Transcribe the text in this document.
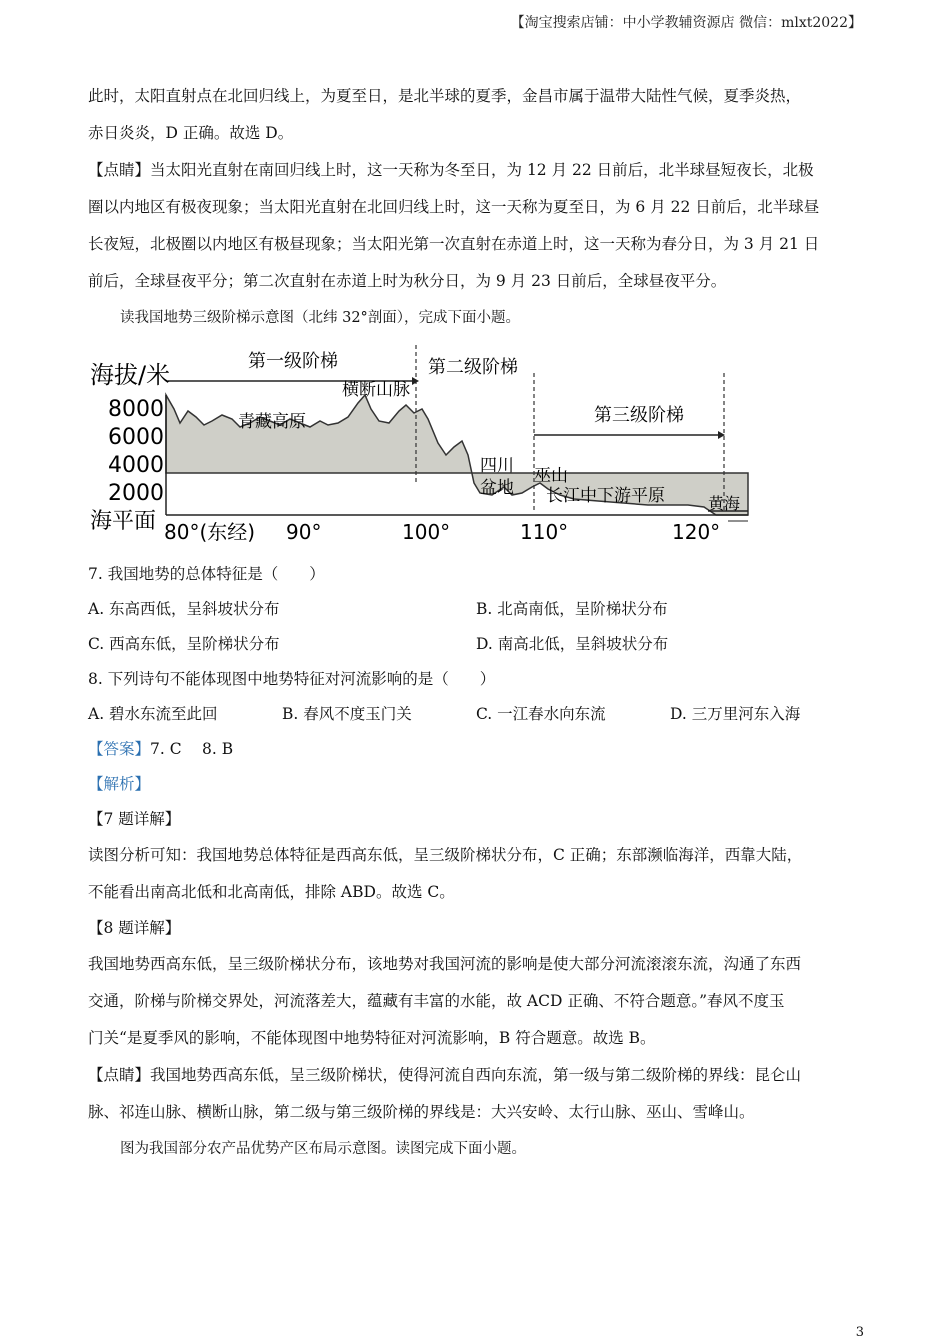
【淘宝搜索店铺：中小学教辅资源店 微信：mlxt2022】

此时，太阳直射点在北回归线上，为夏至日，是北半球的夏季，金昌市属于温带大陆性气候，夏季炎热，

赤日炎炎，D 正确。故选 D。

【点睛】当太阳光直射在南回归线上时，这一天称为冬至日，为 12 月 22 日前后，北半球昼短夜长，北极

圈以内地区有极夜现象；当太阳光直射在北回归线上时，这一天称为夏至日，为 6 月 22 日前后，北半球昼

长夜短，北极圈以内地区有极昼现象；当太阳光第一次直射在赤道上时，这一天称为春分日，为 3 月 21 日

前后，全球昼夜平分；第二次直射在赤道上时为秋分日，为 9 月 23 日前后，全球昼夜平分。

读我国地势三级阶梯示意图（北纬 32°剖面），完成下面小题。

第一级阶梯	第二级阶梯
第三级阶梯
海拔/米
8000
6000
4000
2000
海平面 80°(东经) 90°	100°	110°	120°
青藏高原
横断山脉
四川
盆地
巫山
长江中下游平原	黄海

7. 我国地势的总体特征是（　　）

A. 东高西低，呈斜坡状分布	B. 北高南低，呈阶梯状分布
C. 西高东低，呈阶梯状分布	D. 南高北低，呈斜坡状分布

8. 下列诗句不能体现图中地势特征对河流影响的是（　　）

A. 碧水东流至此回	B. 春风不度玉门关	C. 一江春水向东流	D. 三万里河东入海

【答案】7. C　 8. B

【解析】

【7 题详解】

读图分析可知：我国地势总体特征是西高东低，呈三级阶梯状分布，C 正确；东部濒临海洋，西靠大陆，

不能看出南高北低和北高南低，排除 ABD。故选 C。

【8 题详解】

我国地势西高东低，呈三级阶梯状分布，该地势对我国河流的影响是使大部分河流滚滚东流，沟通了东西

交通，阶梯与阶梯交界处，河流落差大，蕴藏有丰富的水能，故 ACD 正确、不符合题意。”春风不度玉

门关“是夏季风的影响，不能体现图中地势特征对河流影响，B 符合题意。故选 B。

【点睛】我国地势西高东低，呈三级阶梯状，使得河流自西向东流，第一级与第二级阶梯的界线：昆仑山

脉、祁连山脉、横断山脉，第二级与第三级阶梯的界线是：大兴安岭、太行山脉、巫山、雪峰山。

图为我国部分农产品优势产区布局示意图。读图完成下面小题。

3
